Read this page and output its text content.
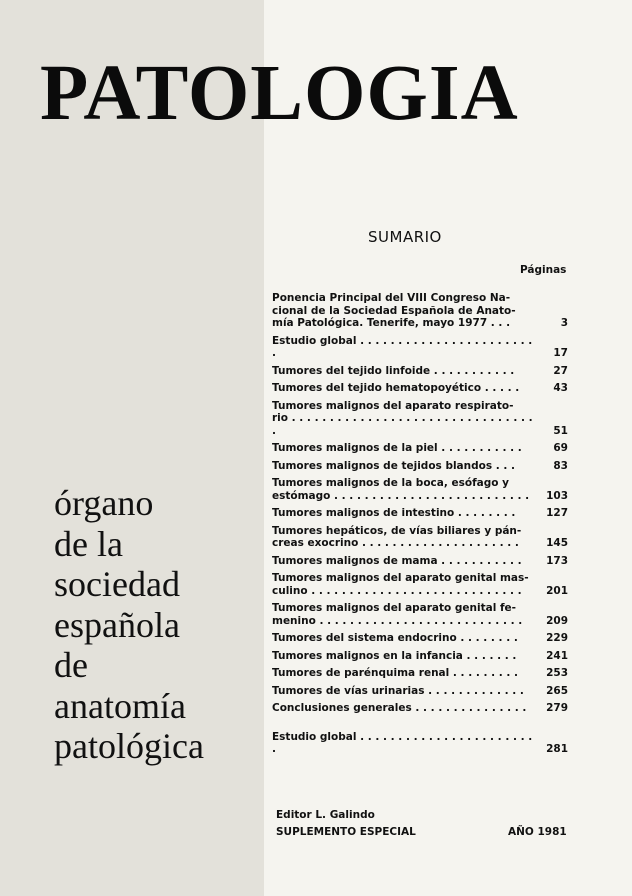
PATOLOGIA
órgano
de la
sociedad
española
de
anatomía
patológica
SUMARIO
Páginas
Ponencia Principal del VIII Congreso Na-
cional de la Sociedad Española de Anato-
mía Patológica. Tenerife, mayo 1977 . . .	3
Estudio global . . . . . . . . . . . . . . . . . . . . . . . .	17
Tumores del tejido linfoide . . . . . . . . . . .	27
Tumores del tejido hematopoyético . . . . .	43
Tumores malignos del aparato respirato-
rio . . . . . . . . . . . . . . . . . . . . . . . . . . . . . . . . .	51
Tumores malignos de la piel . . . . . . . . . . .	69
Tumores malignos de tejidos blandos . . .	83
Tumores malignos de la boca, esófago y
estómago . . . . . . . . . . . . . . . . . . . . . . . . . .	103
Tumores malignos de intestino . . . . . . . .	127
Tumores hepáticos, de vías biliares y pán-
creas exocrino . . . . . . . . . . . . . . . . . . . . .	145
Tumores malignos de mama . . . . . . . . . . .	173
Tumores malignos del aparato genital mas-
culino . . . . . . . . . . . . . . . . . . . . . . . . . . . .	201
Tumores malignos del aparato genital fe-
menino . . . . . . . . . . . . . . . . . . . . . . . . . . .	209
Tumores del sistema endocrino . . . . . . . .	229
Tumores malignos en la infancia . . . . . . .	241
Tumores de parénquima renal . . . . . . . . .	253
Tumores de vías urinarias . . . . . . . . . . . . .	265
Conclusiones generales . . . . . . . . . . . . . . .	279
Estudio global . . . . . . . . . . . . . . . . . . . . . . . .	281
Editor L. Galindo
SUPLEMENTO ESPECIAL	AÑO 1981
